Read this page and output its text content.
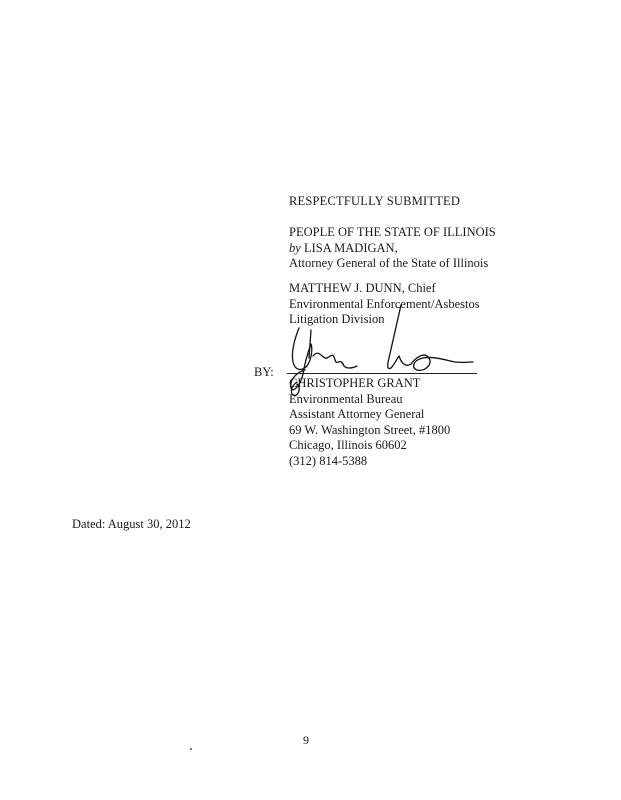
RESPECTFULLY SUBMITTED
PEOPLE OF THE STATE OF ILLINOIS
by LISA MADIGAN,
Attorney General of the State of Illinois
MATTHEW J. DUNN, Chief
Environmental Enforcement/Asbestos
Litigation Division
BY:
CHRISTOPHER GRANT
Environmental Bureau
Assistant Attorney General
69 W. Washington Street, #1800
Chicago, Illinois 60602
(312) 814-5388
Dated: August 30, 2012
9
